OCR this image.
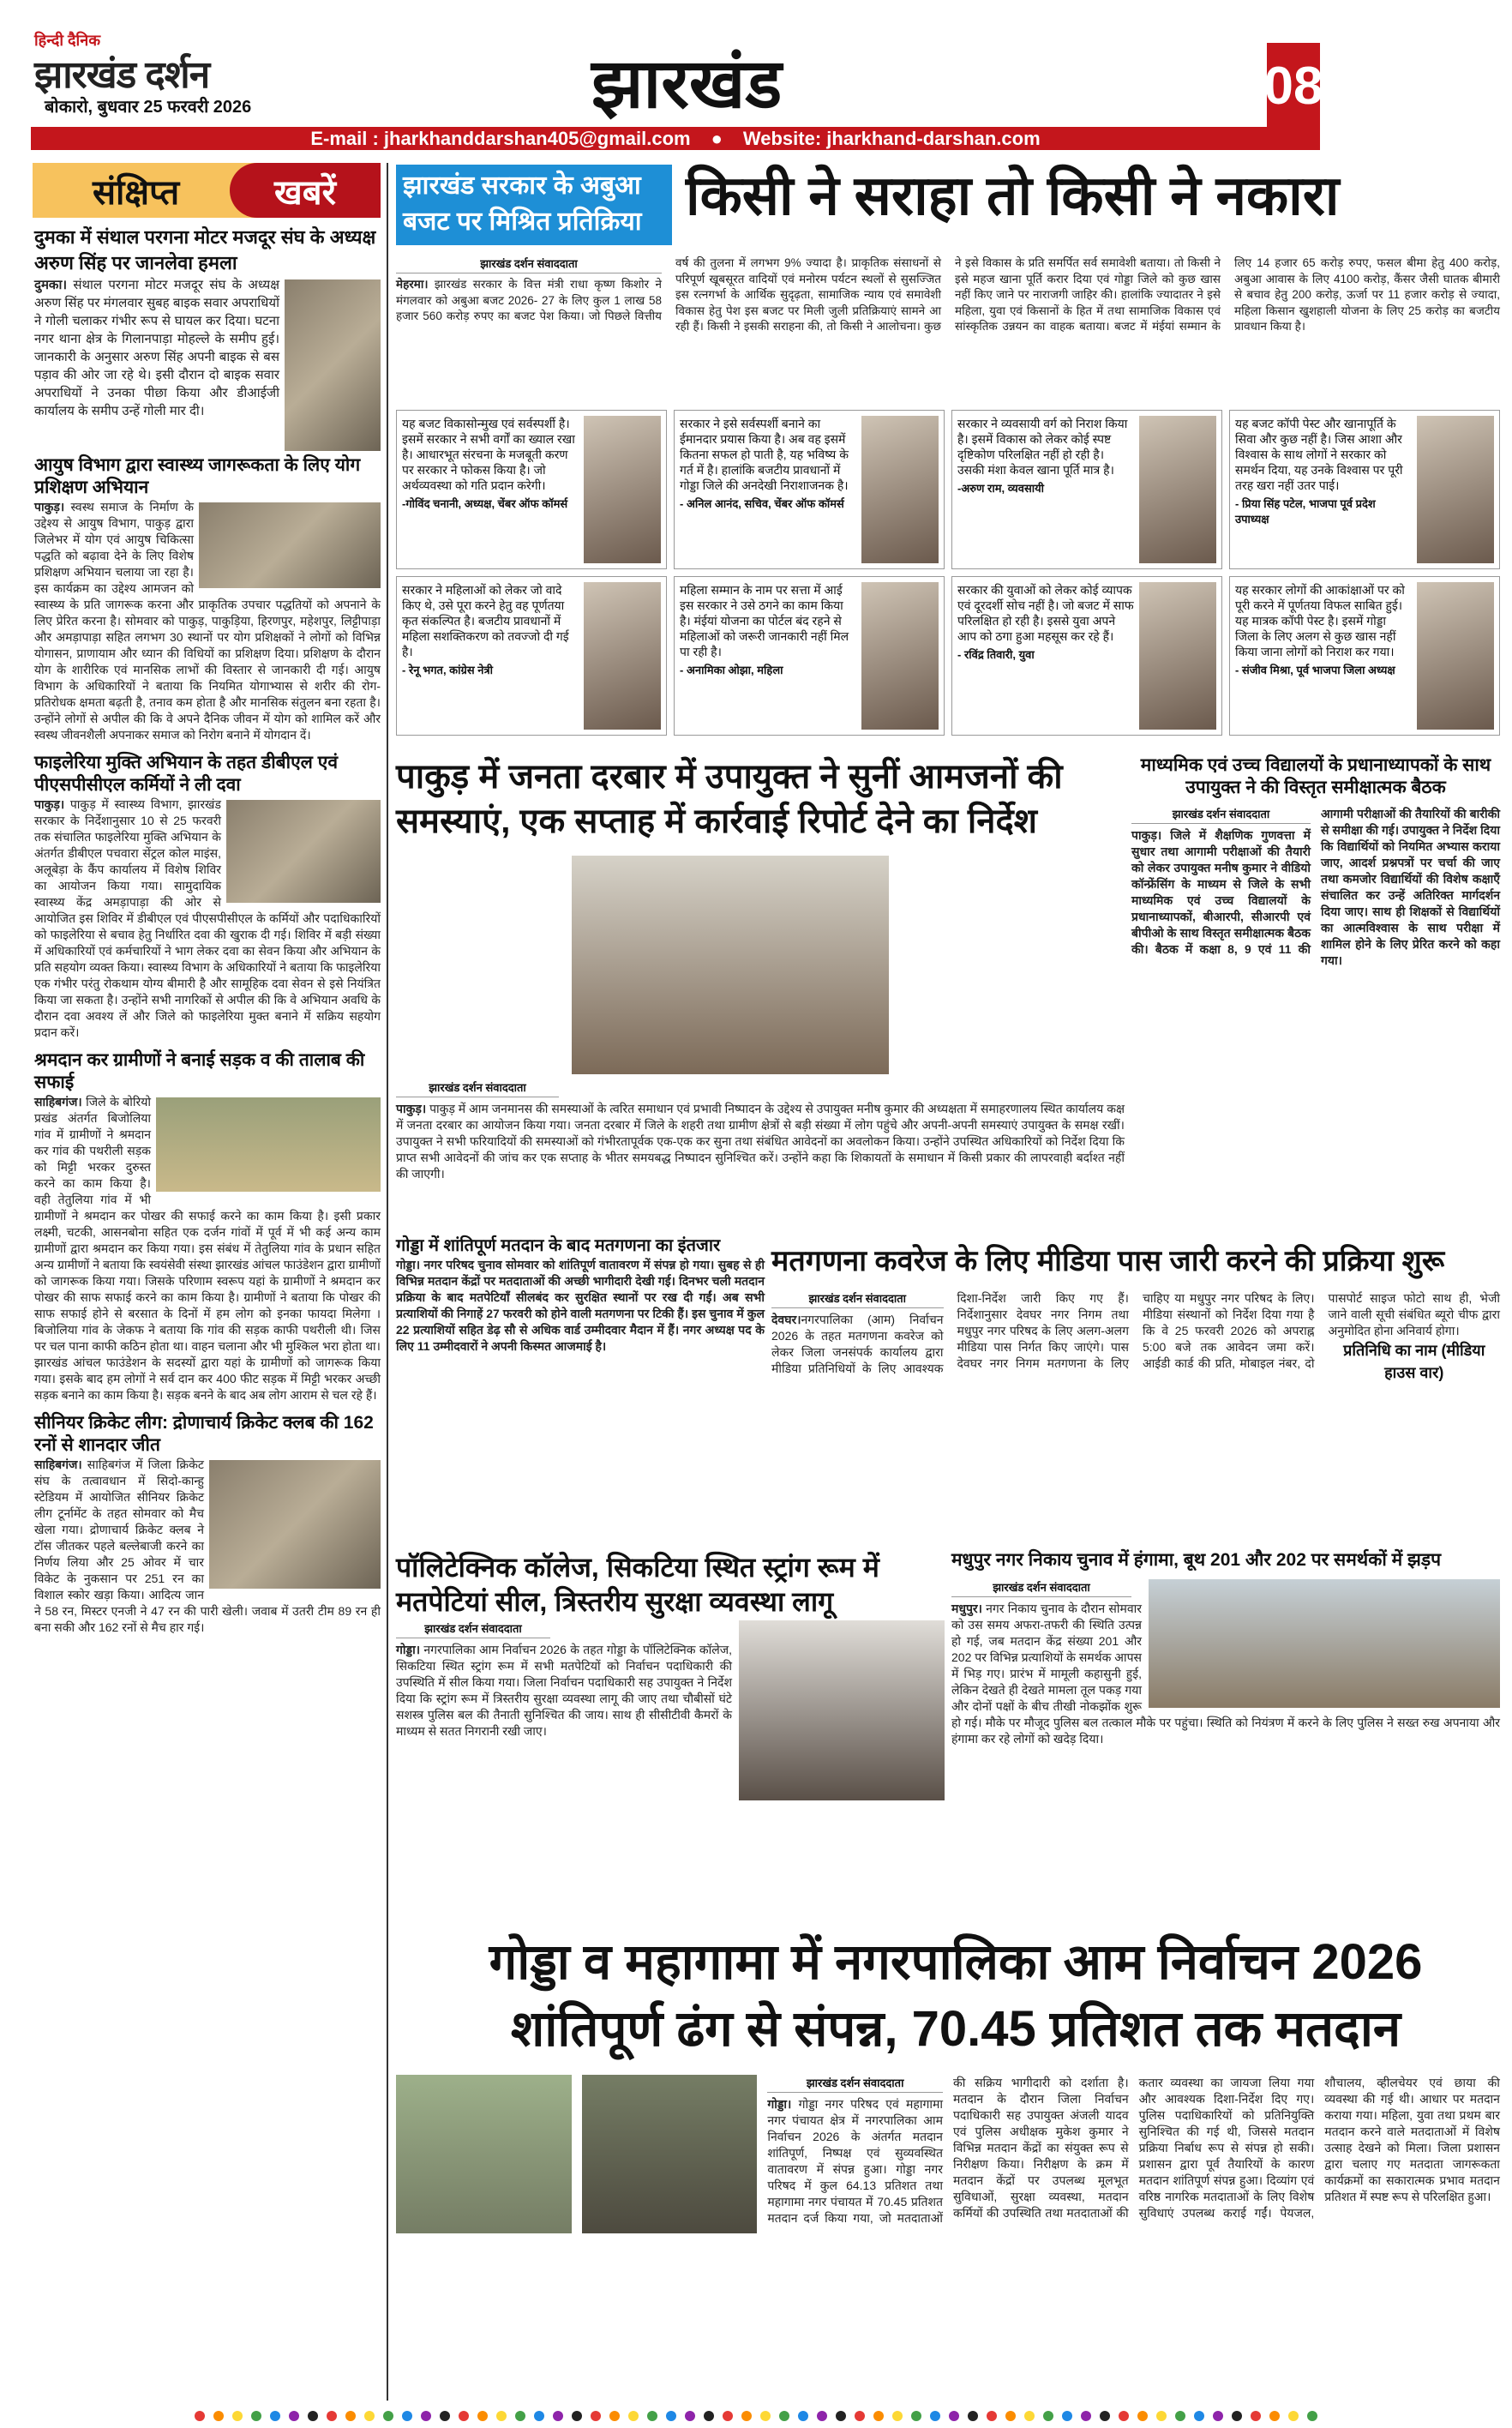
हिन्दी दैनिक
झारखंड दर्शन
बोकारो, बुधवार 25 फरवरी 2026	झारखंड	08
E-mail : jharkhanddarshan405@gmail.com ● Website: jharkhand-darshan.com
संक्षिप्त	खबरें
दुमका में संथाल परगना मोटर मजदूर संघ के अध्यक्ष अरुण सिंह पर जानलेवा हमला

दुमका। संथाल परगना मोटर मजदूर संघ के अध्यक्ष अरुण सिंह पर मंगलवार सुबह बाइक सवार अपराधियों ने गोली चलाकर गंभीर रूप से घायल कर दिया। घटना नगर थाना क्षेत्र के गिलानपाड़ा मोहल्ले के समीप हुई। जानकारी के अनुसार अरुण सिंह अपनी बाइक से बस पड़ाव की ओर जा रहे थे। इसी दौरान दो बाइक सवार अपराधियों ने उनका पीछा किया और डीआईजी कार्यालय के समीप उन्हें गोली मार दी।

आयुष विभाग द्वारा स्वास्थ्य जागरूकता के लिए योग प्रशिक्षण अभियान

पाकुड़। स्वस्थ समाज के निर्माण के उद्देश्य से आयुष विभाग, पाकुड़ द्वारा जिलेभर में योग एवं आयुष चिकित्सा पद्धति को बढ़ावा देने के लिए विशेष प्रशिक्षण अभियान चलाया जा रहा है। इस कार्यक्रम का उद्देश्य आमजन को स्वास्थ्य के प्रति जागरूक करना और प्राकृतिक उपचार पद्धतियों को अपनाने के लिए प्रेरित करना है। सोमवार को पाकुड़, पाकुड़िया, हिरणपुर, महेशपुर, लिट्टीपाड़ा और अमड़ापाड़ा सहित लगभग 30 स्थानों पर योग प्रशिक्षकों ने लोगों को विभिन्न योगासन, प्राणायाम और ध्यान की विधियों का प्रशिक्षण दिया। प्रशिक्षण के दौरान योग के शारीरिक एवं मानसिक लाभों की विस्तार से जानकारी दी गई। आयुष विभाग के अधिकारियों ने बताया कि नियमित योगाभ्यास से शरीर की रोग-प्रतिरोधक क्षमता बढ़ती है, तनाव कम होता है और मानसिक संतुलन बना रहता है। उन्होंने लोगों से अपील की कि वे अपने दैनिक जीवन में योग को शामिल करें और स्वस्थ जीवनशैली अपनाकर समाज को निरोग बनाने में योगदान दें।

फाइलेरिया मुक्ति अभियान के तहत डीबीएल एवं पीएसपीसीएल कर्मियों ने ली दवा

पाकुड़। पाकुड़ में स्वास्थ्य विभाग, झारखंड सरकार के निर्देशानुसार 10 से 25 फरवरी तक संचालित फाइलेरिया मुक्ति अभियान के अंतर्गत डीबीएल पचवारा सेंट्रल कोल माइंस, अलूबेड़ा के कैंप कार्यालय में विशेष शिविर का आयोजन किया गया। सामुदायिक स्वास्थ्य केंद्र अमड़ापाड़ा की ओर से आयोजित इस शिविर में डीबीएल एवं पीएसपीसीएल के कर्मियों और पदाधिकारियों को फाइलेरिया से बचाव हेतु निर्धारित दवा की खुराक दी गई। शिविर में बड़ी संख्या में अधिकारियों एवं कर्मचारियों ने भाग लेकर दवा का सेवन किया और अभियान के प्रति सहयोग व्यक्त किया। स्वास्थ्य विभाग के अधिकारियों ने बताया कि फाइलेरिया एक गंभीर परंतु रोकथाम योग्य बीमारी है और सामूहिक दवा सेवन से इसे नियंत्रित किया जा सकता है। उन्होंने सभी नागरिकों से अपील की कि वे अभियान अवधि के दौरान दवा अवश्य लें और जिले को फाइलेरिया मुक्त बनाने में सक्रिय सहयोग प्रदान करें।

श्रमदान कर ग्रामीणों ने बनाई सड़क व की तालाब की सफाई

साहिबगंज। जिले के बोरियो प्रखंड अंतर्गत बिजोलिया गांव में ग्रामीणों ने श्रमदान कर गांव की पथरीली सड़क को मिट्टी भरकर दुरुस्त करने का काम किया है। वही तेतुलिया गांव में भी ग्रामीणों ने श्रमदान कर पोखर की सफाई करने का काम किया है। इसी प्रकार लक्ष्मी, चटकी, आसनबोना सहित एक दर्जन गांवों में पूर्व में भी कई अन्य काम ग्रामीणों द्वारा श्रमदान कर किया गया। इस संबंध में तेतुलिया गांव के प्रधान सहित अन्य ग्रामीणों ने बताया कि स्वयंसेवी संस्था झारखंड आंचल फाउंडेशन द्वारा ग्रामीणों को जागरूक किया गया। जिसके परिणाम स्वरूप यहां के ग्रामीणों ने श्रमदान कर पोखर की साफ सफाई करने का काम किया है। ग्रामीणों ने बताया कि पोखर की साफ सफाई होने से बरसात के दिनों में हम लोग को इनका फायदा मिलेगा । बिजोलिया गांव के जेकफ ने बताया कि गांव की सड़क काफी पथरीली थी। जिस पर चल पाना काफी कठिन होता था। वाहन चलाना और भी मुश्किल भरा होता था। झारखंड आंचल फाउंडेशन के सदस्यों द्वारा यहां के ग्रामीणों को जागरूक किया गया। इसके बाद हम लोगों ने सर्व दान कर 400 फीट सड़क में मिट्टी भरकर अच्छी सड़क बनाने का काम किया है। सड़क बनने के बाद अब लोग आराम से चल रहे हैं।

सीनियर क्रिकेट लीग: द्रोणाचार्य क्रिकेट क्लब की 162 रनों से शानदार जीत

साहिबगंज। साहिबगंज में जिला क्रिकेट संघ के तत्वावधान में सिदो-कान्हु स्टेडियम में आयोजित सीनियर क्रिकेट लीग टूर्नामेंट के तहत सोमवार को मैच खेला गया। द्रोणाचार्य क्रिकेट क्लब ने टॉस जीतकर पहले बल्लेबाजी करने का निर्णय लिया और 25 ओवर में चार विकेट के नुकसान पर 251 रन का विशाल स्कोर खड़ा किया। आदित्य जान ने 58 रन, मिस्टर एनजी ने 47 रन की पारी खेली। जवाब में उतरी टीम 89 रन ही बना सकी और 162 रनों से मैच हार गई।

झारखंड सरकार के अबुआ बजट पर मिश्रित प्रतिक्रिया किसी ने सराहा तो किसी ने नकारा
झारखंड दर्शन संवाददाता

मेहरमा। झारखंड सरकार के वित्त मंत्री राधा कृष्ण किशोर ने मंगलवार को अबुआ बजट 2026- 27 के लिए कुल 1 लाख 58 हजार 560 करोड़ रुपए का बजट पेश किया। जो पिछले वित्तीय वर्ष की तुलना में लगभग 9% ज्यादा है। प्राकृतिक संसाधनों से परिपूर्ण खूबसूरत वादियों एवं मनोरम पर्यटन स्थलों से सुसज्जित इस रत्नगर्भा के आर्थिक सुदृढ़ता, सामाजिक न्याय एवं समावेशी विकास हेतु पेश इस बजट पर मिली जुली प्रतिक्रियाएं सामने आ रही हैं। किसी ने इसकी सराहना की, तो किसी ने आलोचना। कुछ ने इसे विकास के प्रति समर्पित सर्व समावेशी बताया। तो किसी ने इसे महज खाना पूर्ति करार दिया एवं गोड्डा जिले को कुछ खास नहीं किए जाने पर नाराजगी जाहिर की। हालांकि ज्यादातर ने इसे महिला, युवा एवं किसानों के हित में तथा सामाजिक विकास एवं सांस्कृतिक उन्नयन का वाहक बताया। बजट में मंईयां सम्मान के लिए 14 हजार 65 करोड़ रुपए, फसल बीमा हेतु 400 करोड़, अबुआ आवास के लिए 4100 करोड़, कैंसर जैसी घातक बीमारी से बचाव हेतु 200 करोड़, ऊर्जा पर 11 हजार करोड़ से ज्यादा, महिला किसान खुशहाली योजना के लिए 25 करोड़ का बजटीय प्रावधान किया है।

यह बजट विकासोन्मुख एवं सर्वस्पर्शी है। इसमें सरकार ने सभी वर्गों का ख्याल रखा है। आधारभूत संरचना के मजबूती करण पर सरकार ने फोकस किया है। जो अर्थव्यवस्था को गति प्रदान करेगी।
-गोविंद चनानी, अध्यक्ष, चेंबर ऑफ कॉमर्स
सरकार ने इसे सर्वस्पर्शी बनाने का ईमानदार प्रयास किया है। अब वह इसमें कितना सफल हो पाती है, यह भविष्य के गर्त में है। हालांकि बजटीय प्रावधानों में गोड्डा जिले की अनदेखी निराशाजनक है।
- अनिल आनंद, सचिव, चेंबर ऑफ कॉमर्स
सरकार ने व्यवसायी वर्ग को निराश किया है। इसमें विकास को लेकर कोई स्पष्ट दृष्टिकोण परिलक्षित नहीं हो रही है। उसकी मंशा केवल खाना पूर्ति मात्र है।
-अरुण राम, व्यवसायी
यह बजट कॉपी पेस्ट और खानापूर्ति के सिवा और कुछ नहीं है। जिस आशा और विश्वास के साथ लोगों ने सरकार को समर्थन दिया, यह उनके विश्वास पर पूरी तरह खरा नहीं उतर पाई।
- प्रिया सिंह पटेल, भाजपा पूर्व प्रदेश उपाध्यक्ष
सरकार ने महिलाओं को लेकर जो वादे किए थे, उसे पूरा करने हेतु वह पूर्णतया कृत संकल्पित है। बजटीय प्रावधानों में महिला सशक्तिकरण को तवज्जो दी गई है।
- रेनू भगत, कांग्रेस नेत्री
महिला सम्मान के नाम पर सत्ता में आई इस सरकार ने उसे ठगने का काम किया है। मंईयां योजना का पोर्टल बंद रहने से महिलाओं को जरूरी जानकारी नहीं मिल पा रही है।
- अनामिका ओझा, महिला
सरकार की युवाओं को लेकर कोई व्यापक एवं दूरदर्शी सोच नहीं है। जो बजट में साफ परिलक्षित हो रही है। इससे युवा अपने आप को ठगा हुआ महसूस कर रहे हैं।
- रविंद्र तिवारी, युवा
यह सरकार लोगों की आकांक्षाओं पर को पूरी करने में पूर्णतया विफल साबित हुई। यह मात्रक कॉपी पेस्ट है। इसमें गोड्डा जिला के लिए अलग से कुछ खास नहीं किया जाना लोगों को निराश कर गया।
- संजीव मिश्रा, पूर्व भाजपा जिला अध्यक्ष
पाकुड़ में जनता दरबार में उपायुक्त ने सुनीं आमजनों की समस्याएं, एक सप्ताह में कार्रवाई रिपोर्ट देने का निर्देश
झारखंड दर्शन संवाददाता

पाकुड़। पाकुड़ में आम जनमानस की समस्याओं के त्वरित समाधान एवं प्रभावी निष्पादन के उद्देश्य से उपायुक्त मनीष कुमार की अध्यक्षता में समाहरणालय स्थित कार्यालय कक्ष में जनता दरबार का आयोजन किया गया। जनता दरबार में जिले के शहरी तथा ग्रामीण क्षेत्रों से बड़ी संख्या में लोग पहुंचे और अपनी-अपनी समस्याएं उपायुक्त के समक्ष रखीं। उपायुक्त ने सभी फरियादियों की समस्याओं को गंभीरतापूर्वक एक-एक कर सुना तथा संबंधित आवेदनों का अवलोकन किया। उन्होंने उपस्थित अधिकारियों को निर्देश दिया कि प्राप्त सभी आवेदनों की जांच कर एक सप्ताह के भीतर समयबद्ध निष्पादन सुनिश्चित करें। उन्होंने कहा कि शिकायतों के समाधान में किसी प्रकार की लापरवाही बर्दाश्त नहीं की जाएगी।

माध्यमिक एवं उच्च विद्यालयों के प्रधानाध्यापकों के साथ उपायुक्त ने की विस्तृत समीक्षात्मक बैठक
झारखंड दर्शन संवाददाता

पाकुड़। जिले में शैक्षणिक गुणवत्ता में सुधार तथा आगामी परीक्षाओं की तैयारी को लेकर उपायुक्त मनीष कुमार ने वीडियो कॉन्फ्रेंसिंग के माध्यम से जिले के सभी माध्यमिक एवं उच्च विद्यालयों के प्रधानाध्यापकों, बीआरपी, सीआरपी एवं बीपीओ के साथ विस्तृत समीक्षात्मक बैठक की। बैठक में कक्षा 8, 9 एवं 11 की आगामी परीक्षाओं की तैयारियों की बारीकी से समीक्षा की गई। उपायुक्त ने निर्देश दिया कि विद्यार्थियों को नियमित अभ्यास कराया जाए, आदर्श प्रश्नपत्रों पर चर्चा की जाए तथा कमजोर विद्यार्थियों की विशेष कक्षाएँ संचालित कर उन्हें अतिरिक्त मार्गदर्शन दिया जाए। साथ ही शिक्षकों से विद्यार्थियों का आत्मविश्वास के साथ परीक्षा में शामिल होने के लिए प्रेरित करने को कहा गया।

गोड्डा में शांतिपूर्ण मतदान के बाद मतगणना का इंतजार

गोड्डा। नगर परिषद चुनाव सोमवार को शांतिपूर्ण वातावरण में संपन्न हो गया। सुबह से ही विभिन्न मतदान केंद्रों पर मतदाताओं की अच्छी भागीदारी देखी गई। दिनभर चली मतदान प्रक्रिया के बाद मतपेटियाँ सीलबंद कर सुरक्षित स्थानों पर रख दी गईं। अब सभी प्रत्याशियों की निगाहें 27 फरवरी को होने वाली मतगणना पर टिकी हैं। इस चुनाव में कुल 22 प्रत्याशियों सहित डेढ़ सौ से अधिक वार्ड उम्मीदवार मैदान में हैं। नगर अध्यक्ष पद के लिए 11 उम्मीदवारों ने अपनी किस्मत आजमाई है।

मतगणना कवरेज के लिए मीडिया पास जारी करने की प्रक्रिया शुरू
झारखंड दर्शन संवाददाता

देवघर।नगरपालिका (आम) निर्वाचन 2026 के तहत मतगणना कवरेज को लेकर जिला जनसंपर्क कार्यालय द्वारा मीडिया प्रतिनिधियों के लिए आवश्यक दिशा-निर्देश जारी किए गए हैं। निर्देशानुसार देवघर नगर निगम तथा मधुपुर नगर परिषद के लिए अलग-अलग मीडिया पास निर्गत किए जाएंगे। पास देवघर नगर निगम मतगणना के लिए चाहिए या मधुपुर नगर परिषद के लिए। मीडिया संस्थानों को निर्देश दिया गया है कि वे 25 फरवरी 2026 को अपराह्न 5:00 बजे तक आवेदन जमा करें। आईडी कार्ड की प्रति, मोबाइल नंबर, दो पासपोर्ट साइज फोटो साथ ही, भेजी जाने वाली सूची संबंधित ब्यूरो चीफ द्वारा अनुमोदित होना अनिवार्य होगा।

प्रतिनिधि का नाम (मीडिया हाउस वार)
पॉलिटेक्निक कॉलेज, सिकटिया स्थित स्ट्रांग रूम में मतपेटियां सील, त्रिस्तरीय सुरक्षा व्यवस्था लागू
झारखंड दर्शन संवाददाता

गोड्डा। नगरपालिका आम निर्वाचन 2026 के तहत गोड्डा के पॉलिटेक्निक कॉलेज, सिकटिया स्थित स्ट्रांग रूम में सभी मतपेटियों को निर्वाचन पदाधिकारी की उपस्थिति में सील किया गया। जिला निर्वाचन पदाधिकारी सह उपायुक्त ने निर्देश दिया कि स्ट्रांग रूम में त्रिस्तरीय सुरक्षा व्यवस्था लागू की जाए तथा चौबीसों घंटे सशस्त्र पुलिस बल की तैनाती सुनिश्चित की जाय। साथ ही सीसीटीवी कैमरों के माध्यम से सतत निगरानी रखी जाए।

मधुपुर नगर निकाय चुनाव में हंगामा, बूथ 201 और 202 पर समर्थकों में झड़प
झारखंड दर्शन संवाददाता

मधुपुर। नगर निकाय चुनाव के दौरान सोमवार को उस समय अफरा-तफरी की स्थिति उत्पन्न हो गई, जब मतदान केंद्र संख्या 201 और 202 पर विभिन्न प्रत्याशियों के समर्थक आपस में भिड़ गए। प्रारंभ में मामूली कहासुनी हुई, लेकिन देखते ही देखते मामला तूल पकड़ गया और दोनों पक्षों के बीच तीखी नोकझोंक शुरू हो गई। मौके पर मौजूद पुलिस बल तत्काल मौके पर पहुंचा। स्थिति को नियंत्रण में करने के लिए पुलिस ने सख्त रुख अपनाया और हंगामा कर रहे लोगों को खदेड़ दिया।

गोड्डा व महागामा में नगरपालिका आम निर्वाचन 2026
शांतिपूर्ण ढंग से संपन्न, 70.45 प्रतिशत तक मतदान
झारखंड दर्शन संवाददाता

गोड्डा। गोड्डा नगर परिषद एवं महागामा नगर पंचायत क्षेत्र में नगरपालिका आम निर्वाचन 2026 के अंतर्गत मतदान शांतिपूर्ण, निष्पक्ष एवं सुव्यवस्थित वातावरण में संपन्न हुआ। गोड्डा नगर परिषद में कुल 64.13 प्रतिशत तथा महागामा नगर पंचायत में 70.45 प्रतिशत मतदान दर्ज किया गया, जो मतदाताओं की सक्रिय भागीदारी को दर्शाता है। मतदान के दौरान जिला निर्वाचन पदाधिकारी सह उपायुक्त अंजली यादव एवं पुलिस अधीक्षक मुकेश कुमार ने विभिन्न मतदान केंद्रों का संयुक्त रूप से निरीक्षण किया। निरीक्षण के क्रम में मतदान केंद्रों पर उपलब्ध मूलभूत सुविधाओं, सुरक्षा व्यवस्था, मतदान कर्मियों की उपस्थिति तथा मतदाताओं की कतार व्यवस्था का जायजा लिया गया और आवश्यक दिशा-निर्देश दिए गए। पुलिस पदाधिकारियों को प्रतिनियुक्ति सुनिश्चित की गई थी, जिससे मतदान प्रक्रिया निर्बाध रूप से संपन्न हो सकी। प्रशासन द्वारा पूर्व तैयारियों के कारण मतदान शांतिपूर्ण संपन्न हुआ। दिव्यांग एवं वरिष्ठ नागरिक मतदाताओं के लिए विशेष सुविधाएं उपलब्ध कराई गईं। पेयजल, शौचालय, व्हीलचेयर एवं छाया की व्यवस्था की गई थी। आधार पर मतदान कराया गया। महिला, युवा तथा प्रथम बार मतदान करने वाले मतदाताओं में विशेष उत्साह देखने को मिला। जिला प्रशासन द्वारा चलाए गए मतदाता जागरूकता कार्यक्रमों का सकारात्मक प्रभाव मतदान प्रतिशत में स्पष्ट रूप से परिलक्षित हुआ।
